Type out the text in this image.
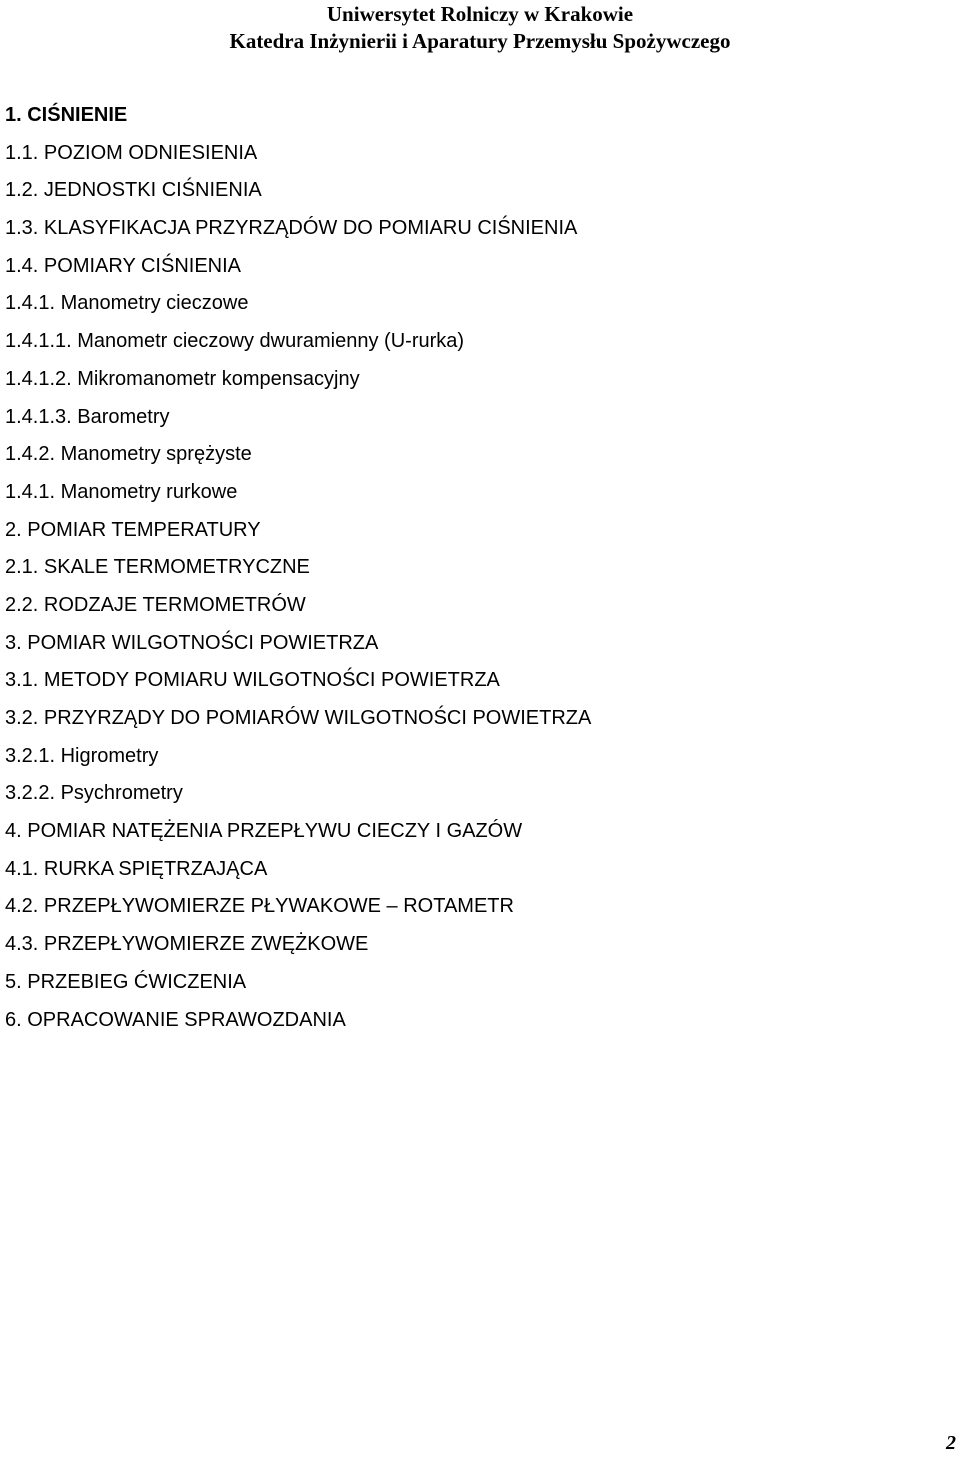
Uniwersytet Rolniczy w Krakowie
Katedra Inżynierii i Aparatury Przemysłu Spożywczego
1. CIŚNIENIE
1.1. POZIOM ODNIESIENIA
1.2. JEDNOSTKI CIŚNIENIA
1.3. KLASYFIKACJA PRZYRZĄDÓW DO POMIARU CIŚNIENIA
1.4. POMIARY CIŚNIENIA
1.4.1. Manometry cieczowe
1.4.1.1. Manometr cieczowy dwuramienny (U-rurka)
1.4.1.2. Mikromanometr kompensacyjny
1.4.1.3. Barometry
1.4.2. Manometry sprężyste
1.4.1. Manometry rurkowe
2. POMIAR TEMPERATURY
2.1. SKALE TERMOMETRYCZNE
2.2. RODZAJE TERMOMETRÓW
3. POMIAR WILGOTNOŚCI POWIETRZA
3.1. METODY POMIARU WILGOTNOŚCI POWIETRZA
3.2. PRZYRZĄDY DO POMIARÓW WILGOTNOŚCI POWIETRZA
3.2.1. Higrometry
3.2.2. Psychrometry
4. POMIAR NATĘŻENIA PRZEPŁYWU CIECZY I GAZÓW
4.1. RURKA SPIĘTRZAJĄCA
4.2. PRZEPŁYWOMIERZE PŁYWAKOWE – ROTAMETR
4.3. PRZEPŁYWOMIERZE ZWĘŻKOWE
5. PRZEBIEG ĆWICZENIA
6. OPRACOWANIE SPRAWOZDANIA
2
